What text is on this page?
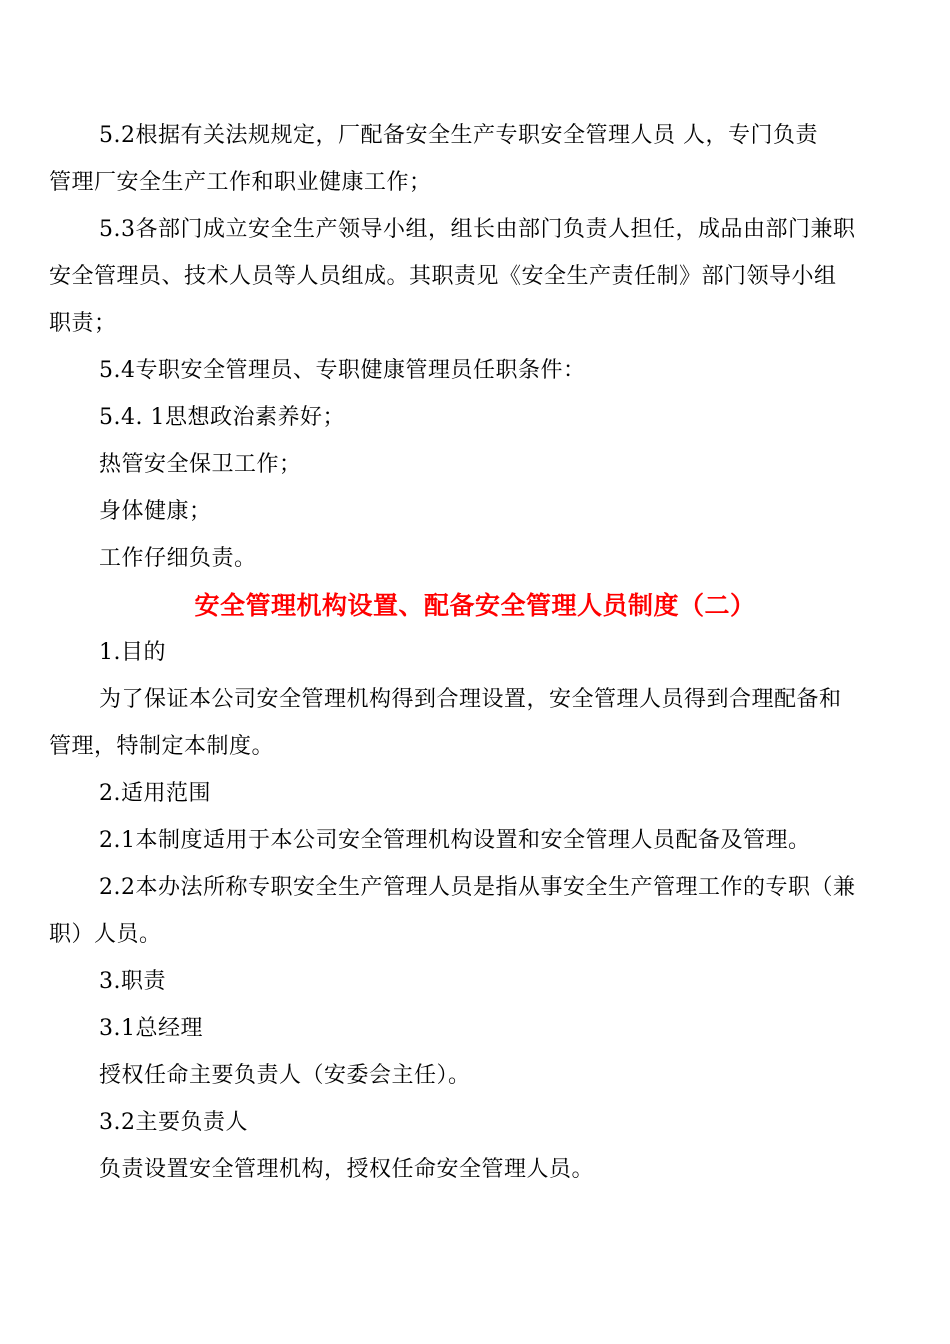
5.2根据有关法规规定，厂配备安全生产专职安全管理人员 人，专门负责
管理厂安全生产工作和职业健康工作；

5.3各部门成立安全生产领导小组，组长由部门负责人担任，成品由部门兼职
安全管理员、技术人员等人员组成。其职责见《安全生产责任制》部门领导小组
职责；

5.4专职安全管理员、专职健康管理员任职条件：

5.4. 1思想政治素养好；

热管安全保卫工作；

身体健康；

工作仔细负责。

安全管理机构设置、配备安全管理人员制度（二）

1.目的

为了保证本公司安全管理机构得到合理设置，安全管理人员得到合理配备和
管理，特制定本制度。

2.适用范围

2.1本制度适用于本公司安全管理机构设置和安全管理人员配备及管理。

2.2本办法所称专职安全生产管理人员是指从事安全生产管理工作的专职（兼
职）人员。

3.职责

3.1总经理

授权任命主要负责人（安委会主任）。

3.2主要负责人

负责设置安全管理机构，授权任命安全管理人员。
